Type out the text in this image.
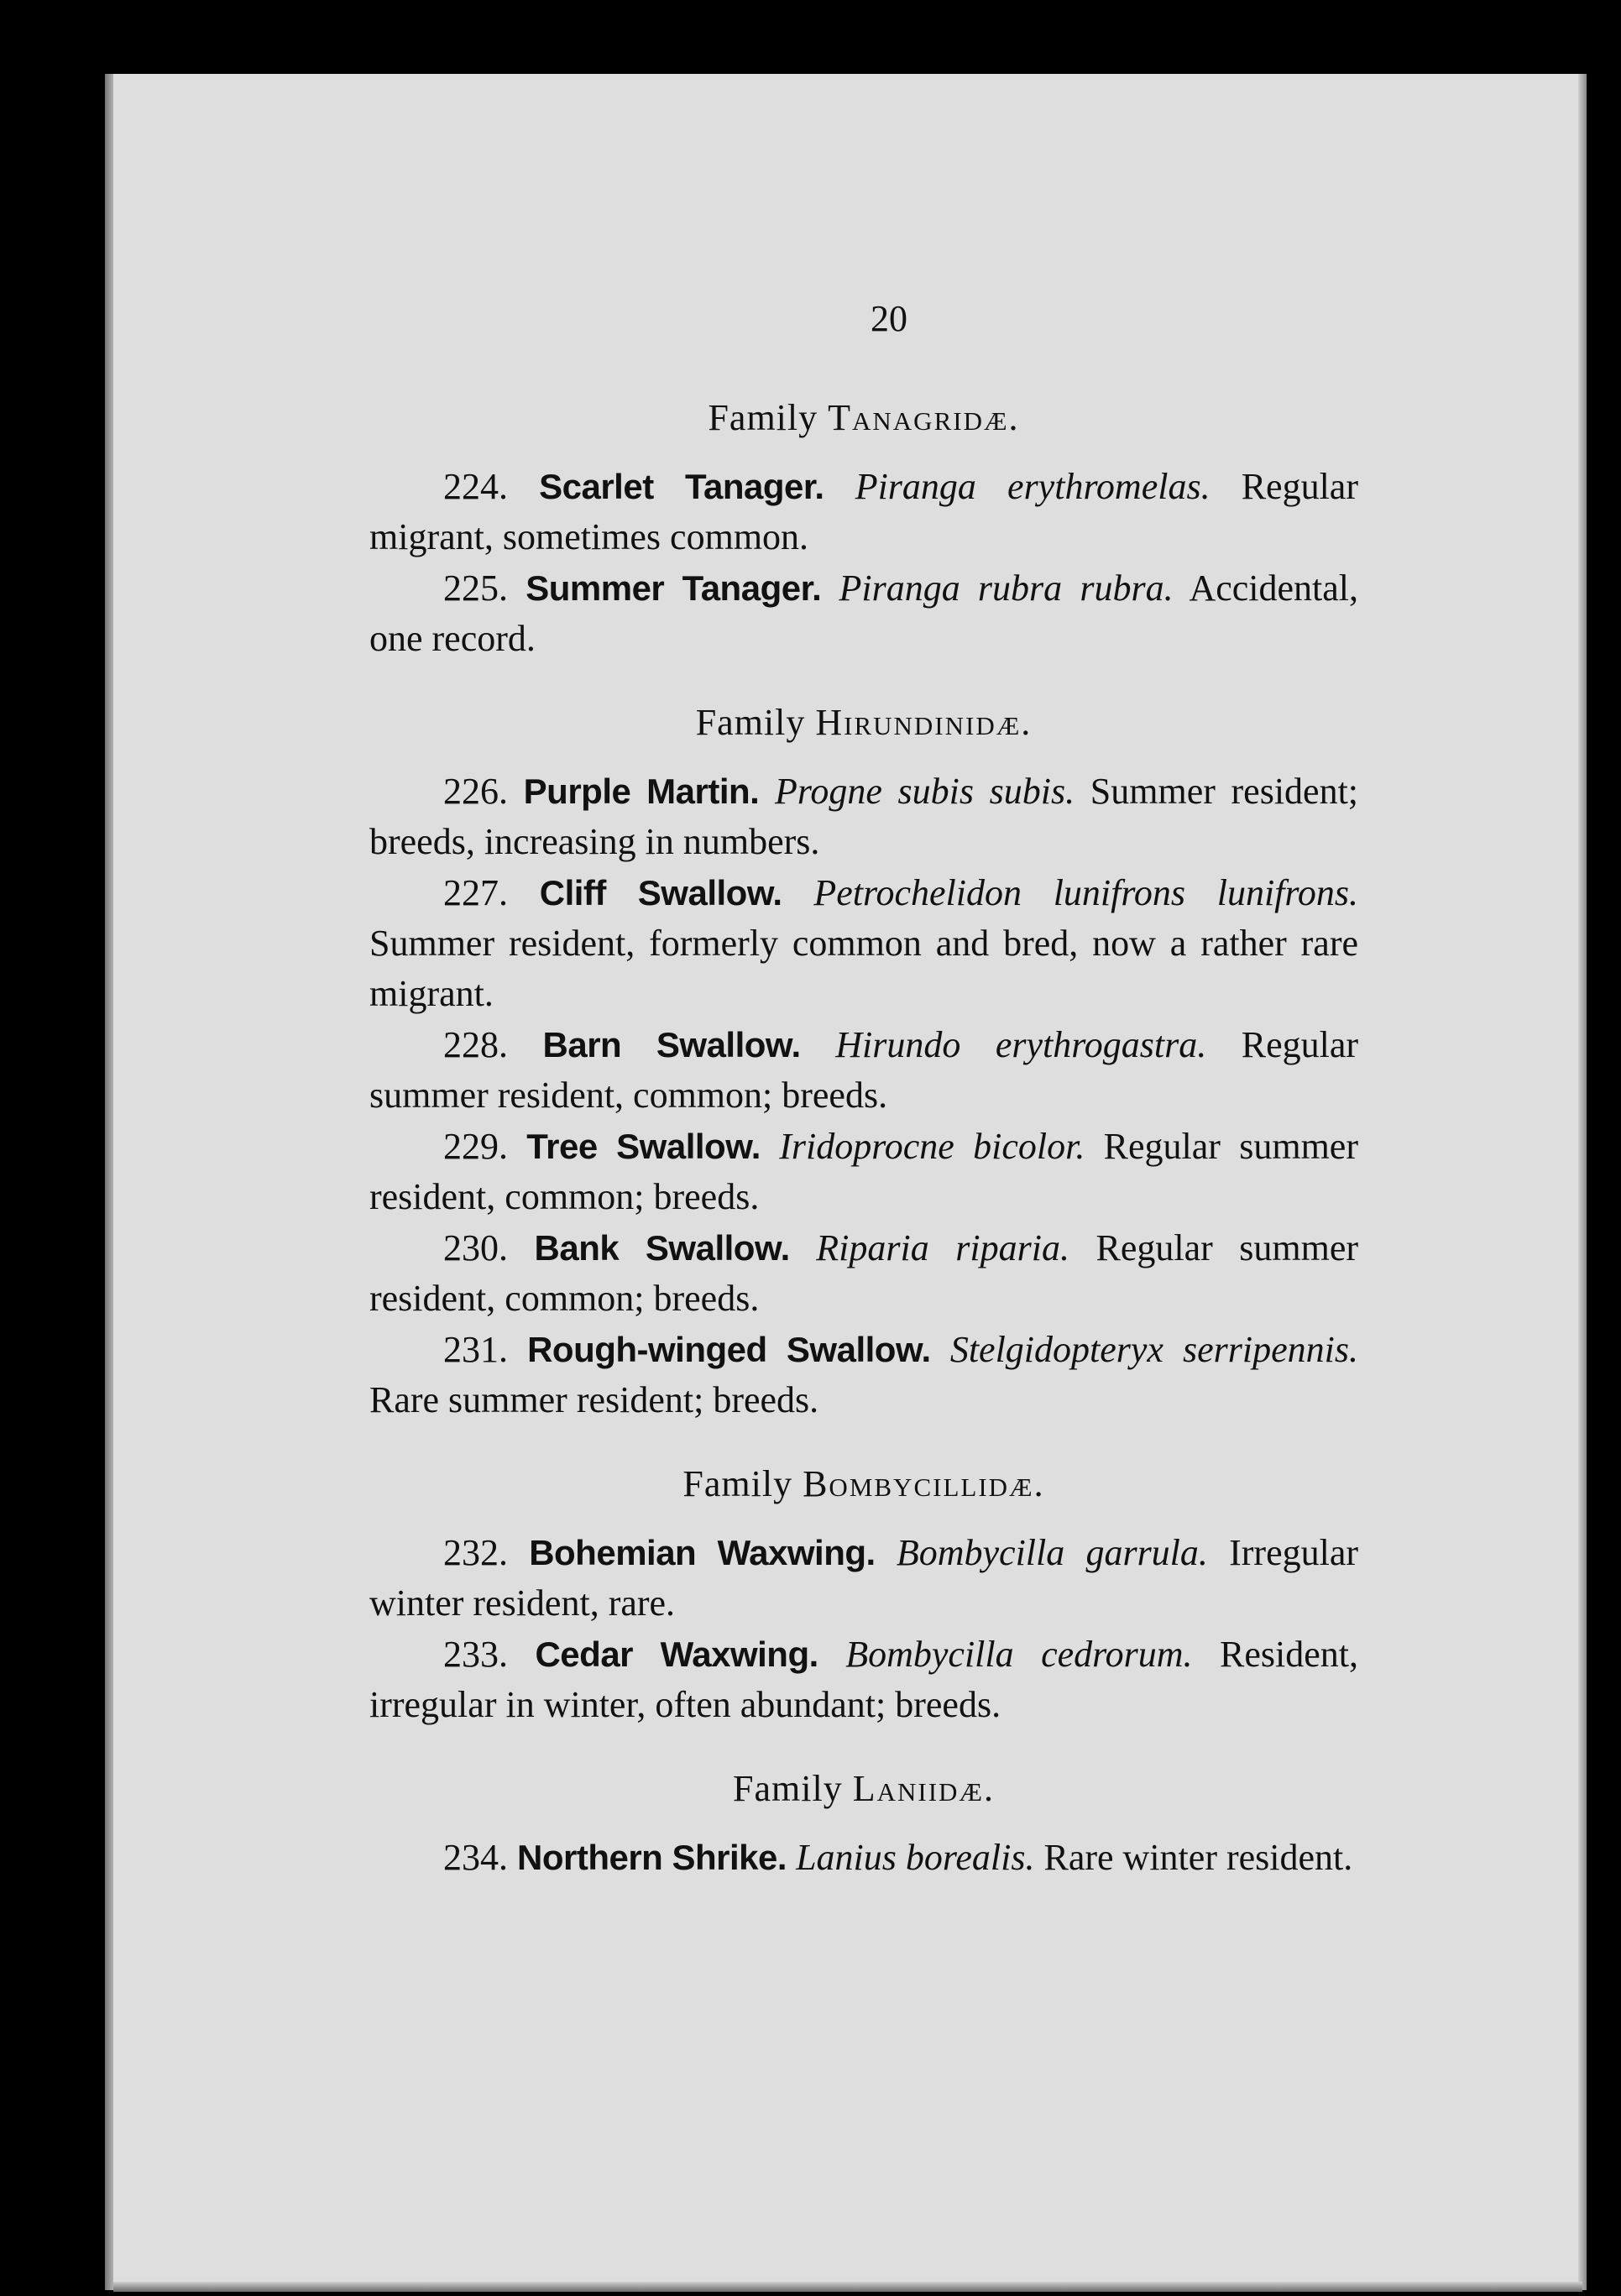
20
Family Tanagridæ.

224. Scarlet Tanager. Piranga erythromelas. Regular migrant, sometimes common.

225. Summer Tanager. Piranga rubra rubra. Accidental, one record.

Family Hirundinidæ.

226. Purple Martin. Progne subis subis. Summer resident; breeds, increasing in numbers.

227. Cliff Swallow. Petrochelidon lunifrons lunifrons. Summer resident, formerly common and bred, now a rather rare migrant.

228. Barn Swallow. Hirundo erythrogastra. Regular summer resident, common; breeds.

229. Tree Swallow. Iridoprocne bicolor. Regular summer resident, common; breeds.

230. Bank Swallow. Riparia riparia. Regular summer resident, common; breeds.

231. Rough-winged Swallow. Stelgidopteryx serripennis. Rare summer resident; breeds.

Family Bombycillidæ.

232. Bohemian Waxwing. Bombycilla garrula. Irregular winter resident, rare.

233. Cedar Waxwing. Bombycilla cedrorum. Resident, irregular in winter, often abundant; breeds.

Family Laniidæ.

234. Northern Shrike. Lanius borealis. Rare winter resident.
